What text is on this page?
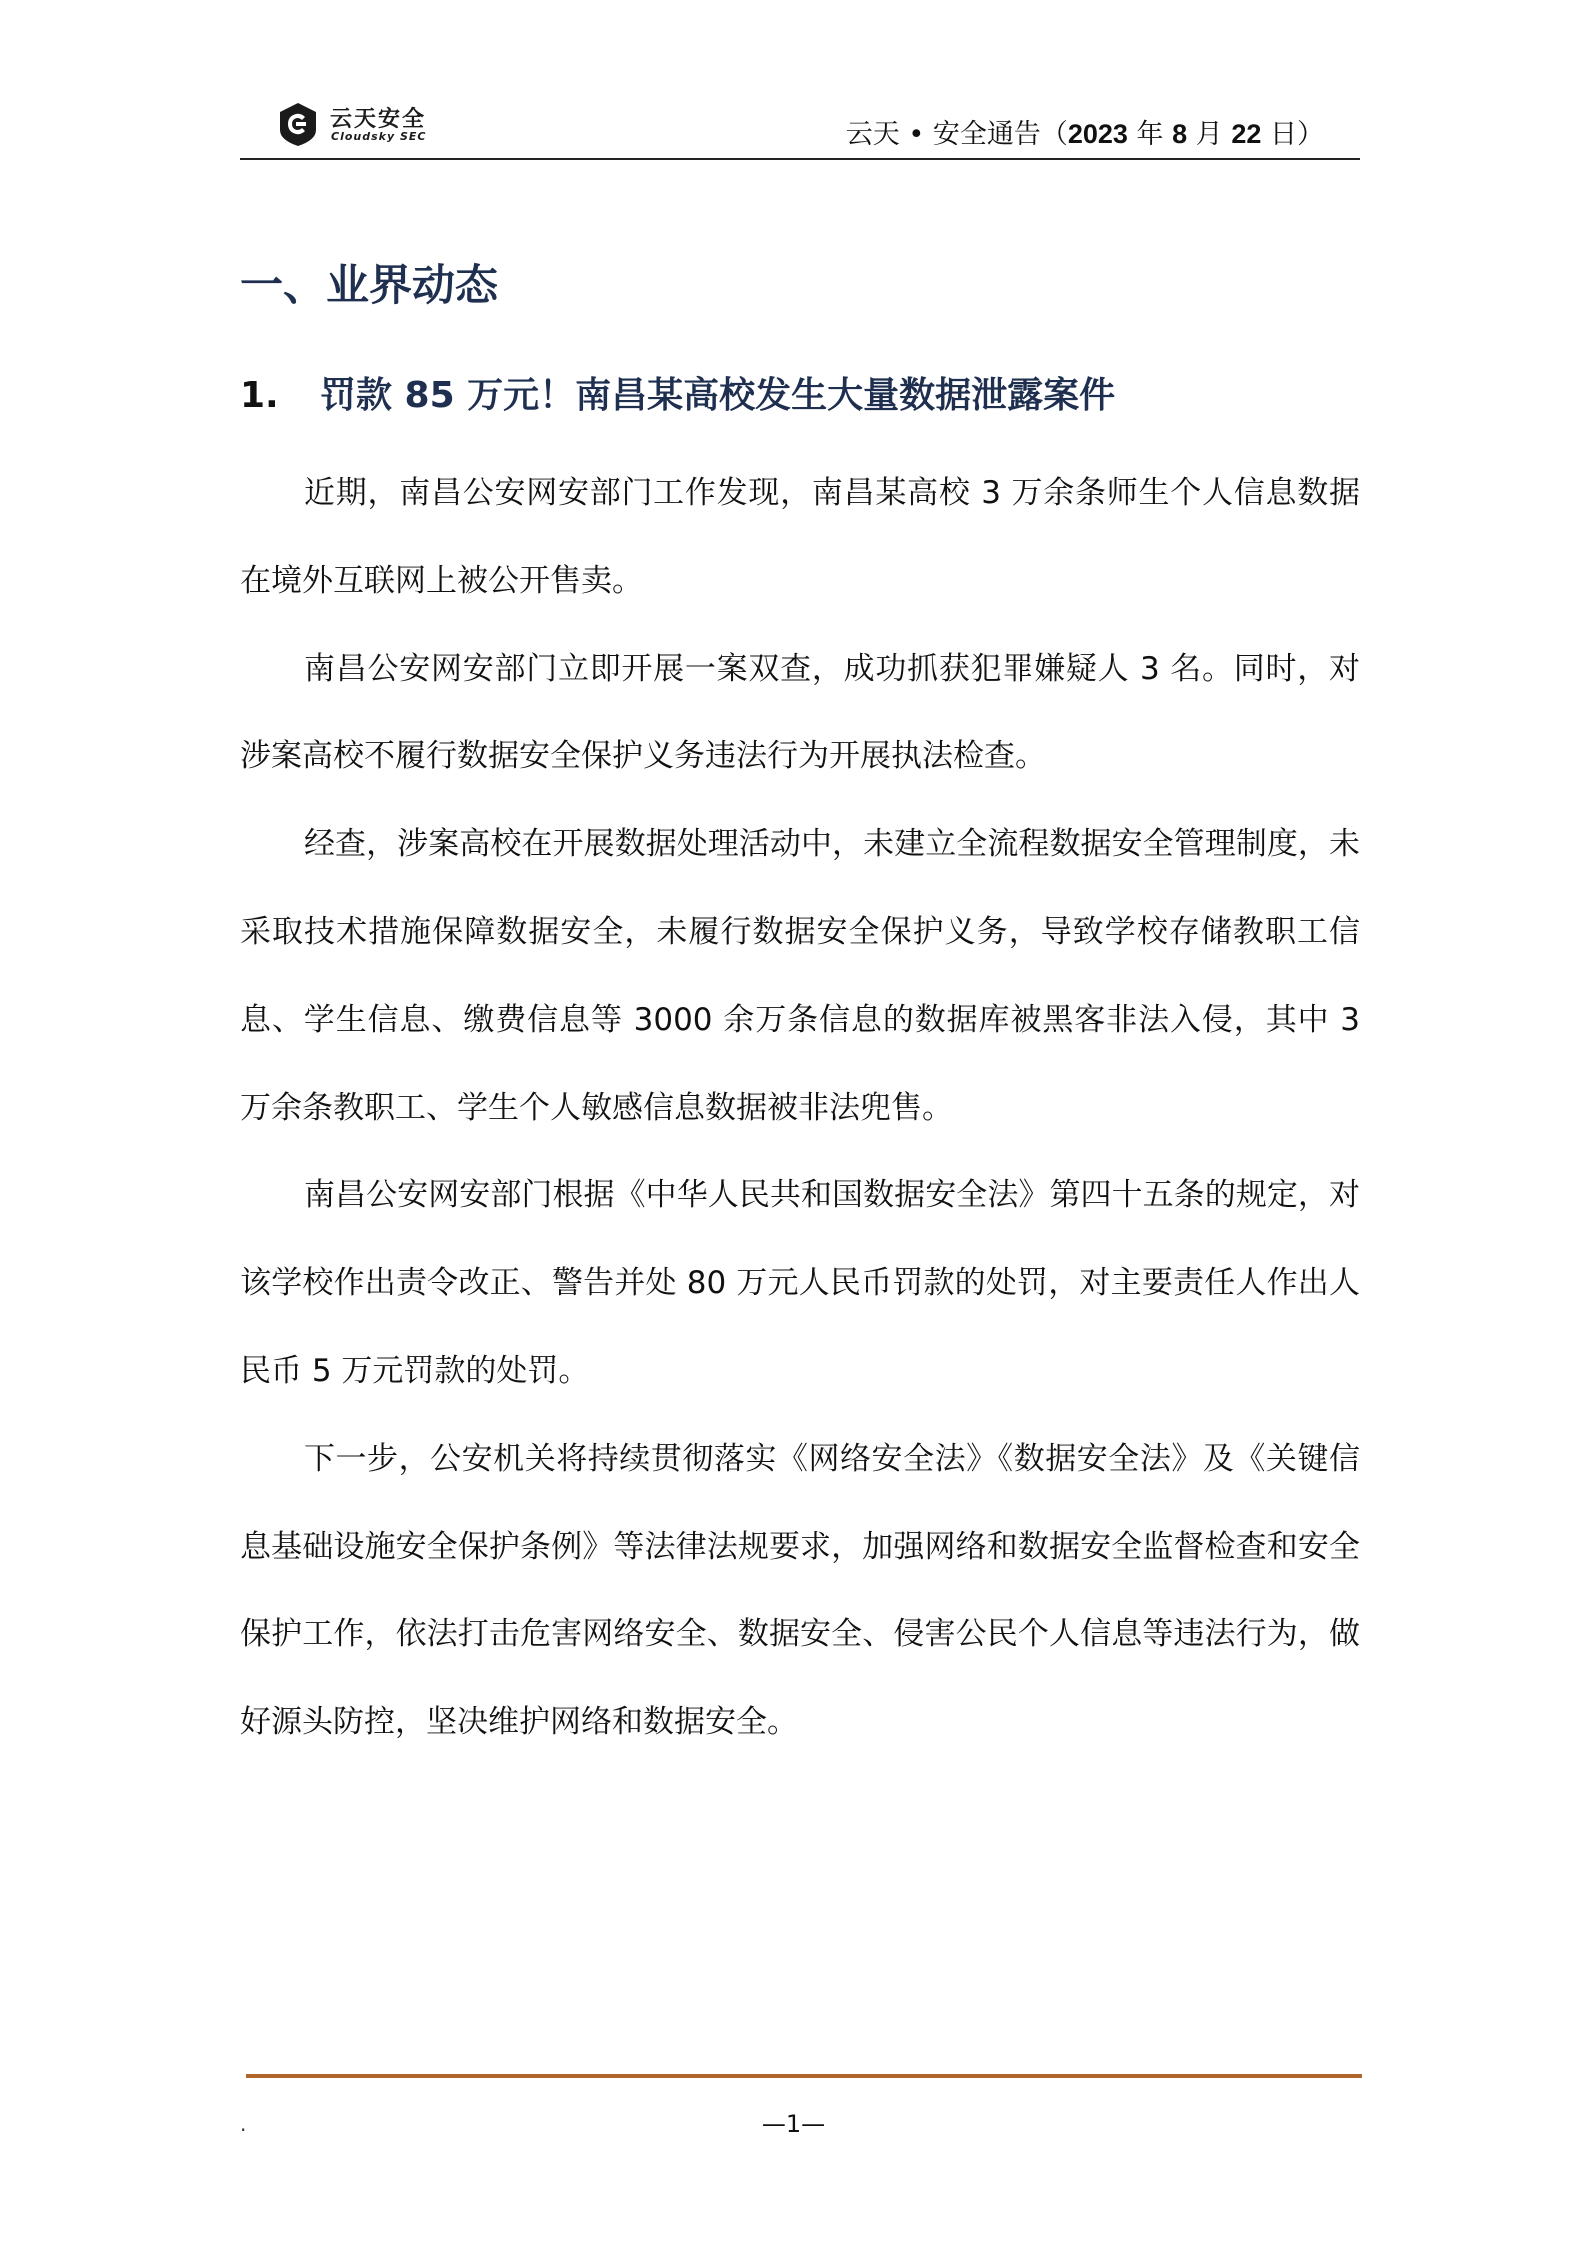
云天安全
Cloudsky SEC	云天 • 安全通告（2023 年 8 月 22 日）
一、业界动态
1. 罚款 85 万元！南昌某高校发生大量数据泄露案件

近期，南昌公安网安部门工作发现，南昌某高校 3 万余条师生个人信息数据在境外互联网上被公开售卖。

南昌公安网安部门立即开展一案双查，成功抓获犯罪嫌疑人 3 名。同时，对涉案高校不履行数据安全保护义务违法行为开展执法检查。

经查，涉案高校在开展数据处理活动中，未建立全流程数据安全管理制度，未采取技术措施保障数据安全，未履行数据安全保护义务，导致学校存储教职工信息、学生信息、缴费信息等 3000 余万条信息的数据库被黑客非法入侵，其中 3 万余条教职工、学生个人敏感信息数据被非法兜售。

南昌公安网安部门根据《中华人民共和国数据安全法》第四十五条的规定，对该学校作出责令改正、警告并处 80 万元人民币罚款的处罚，对主要责任人作出人民币 5 万元罚款的处罚。

下一步，公安机关将持续贯彻落实《网络安全法》《数据安全法》及《关键信息基础设施安全保护条例》等法律法规要求，加强网络和数据安全监督检查和安全保护工作，依法打击危害网络安全、数据安全、侵害公民个人信息等违法行为，做好源头防控，坚决维护网络和数据安全。

.	—1—
